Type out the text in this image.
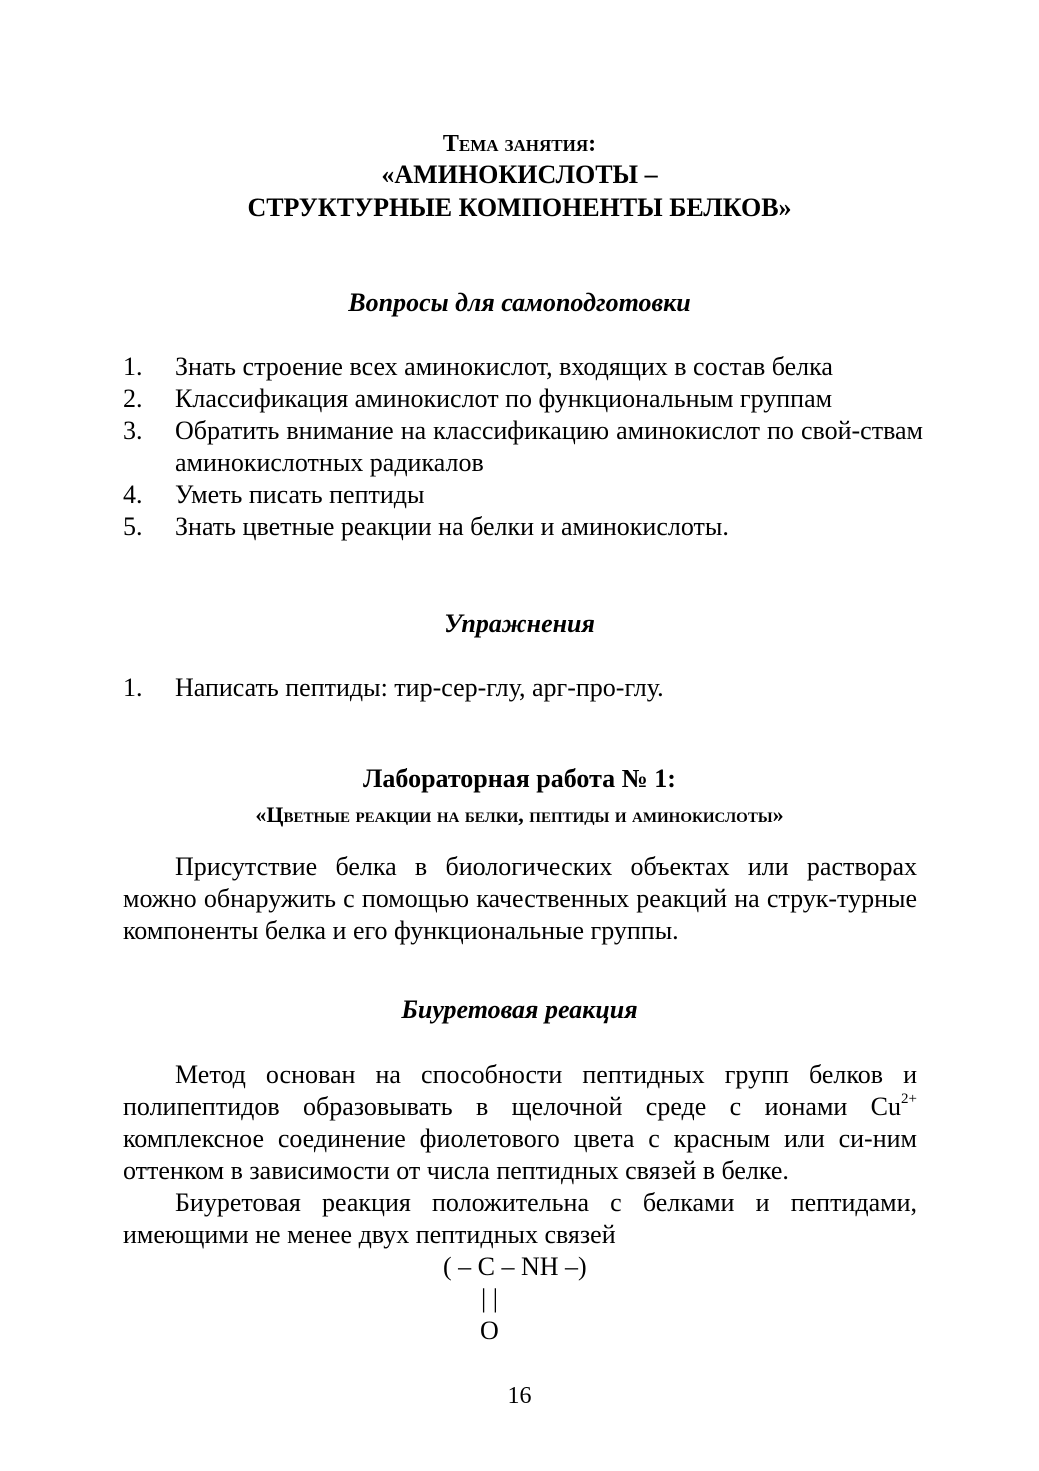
Тема занятия:
«АМИНОКИСЛОТЫ –
СТРУКТУРНЫЕ КОМПОНЕНТЫ БЕЛКОВ»
Вопросы для самоподготовки
1. Знать строение всех аминокислот, входящих в состав белка
2. Классификация аминокислот по функциональным группам
3. Обратить внимание на классификацию аминокислот по свой-ствам аминокислотных радикалов
4. Уметь писать пептиды
5. Знать цветные реакции на белки и аминокислоты.
Упражнения
1. Написать пептиды: тир-сер-глу, арг-про-глу.
Лабораторная работа № 1:
«Цветные реакции на белки, пептиды и аминокислоты»

Присутствие белка в биологических объектах или растворах можно обнаружить с помощью качественных реакций на струк-турные компоненты белка и его функциональные группы.

Биуретовая реакция

Метод основан на способности пептидных групп белков и полипептидов образовывать в щелочной среде с ионами $Cu^{2+}$ комплексное соединение фиолетового цвета с красным или си-ним оттенком в зависимости от числа пептидных связей в белке.

Биуретовая реакция положительна с белками и пептидами, имеющими не менее двух пептидных связей

( – C – NH –)
| |
O
16
